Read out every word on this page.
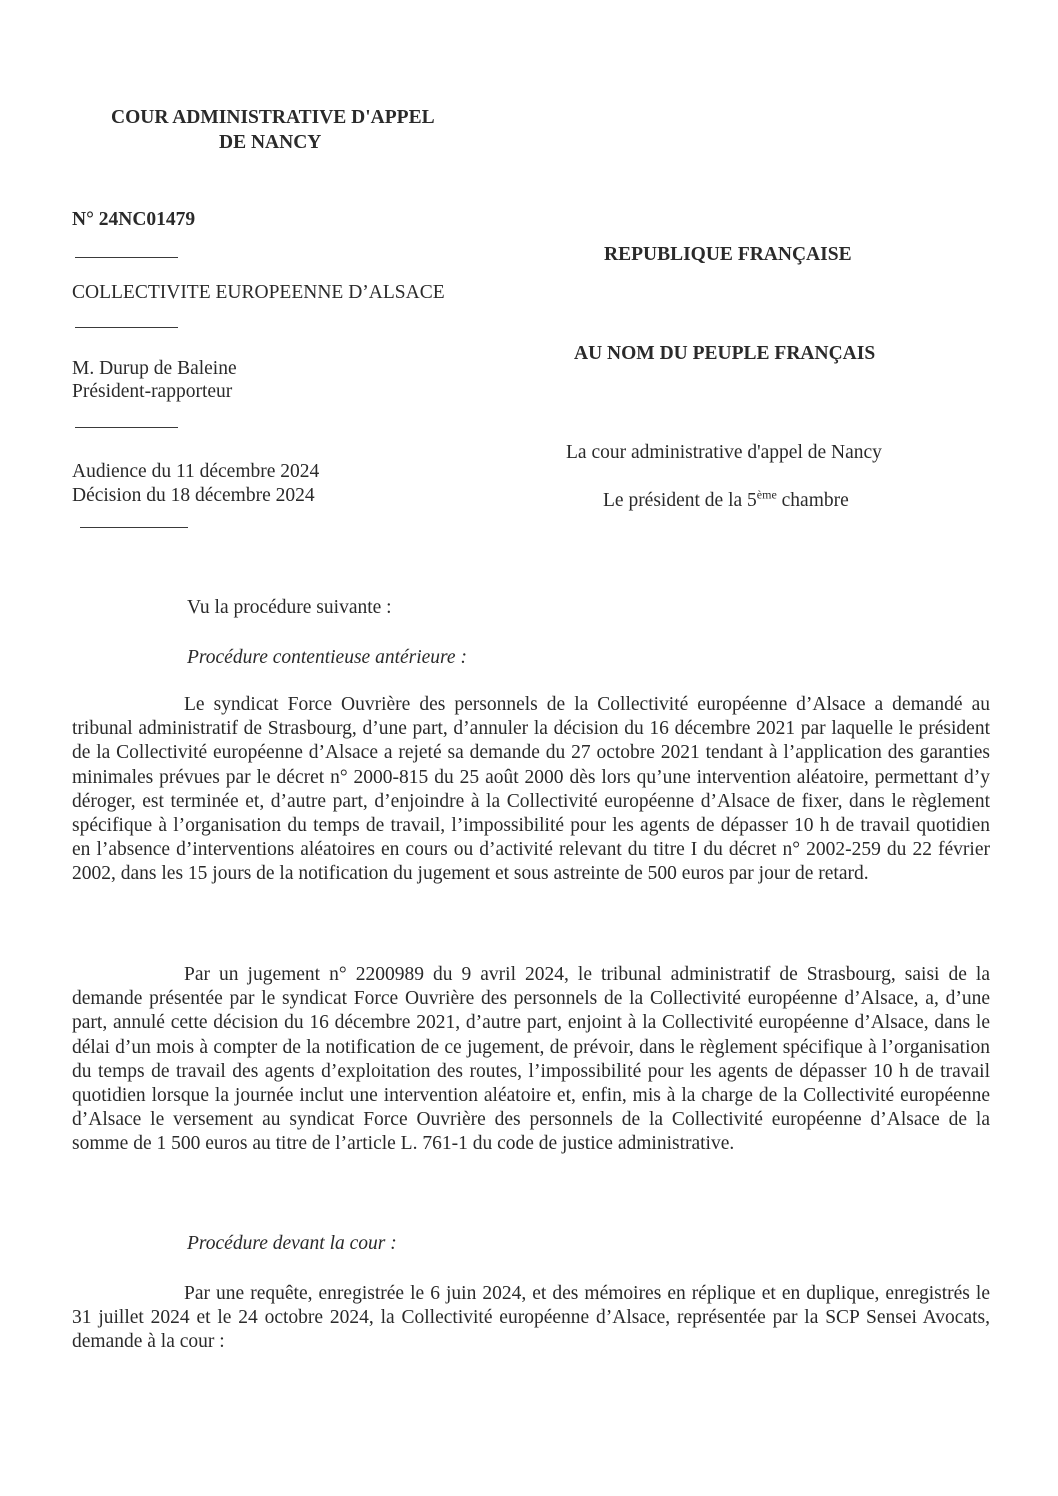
COUR ADMINISTRATIVE D'APPEL
DE NANCY
N° 24NC01479
COLLECTIVITE EUROPEENNE D’ALSACE
M. Durup de Baleine
Président-rapporteur
Audience du 11 décembre 2024
Décision du 18 décembre 2024
REPUBLIQUE FRANÇAISE
AU NOM DU PEUPLE FRANÇAIS
La cour administrative d'appel de Nancy
Le président de la 5ème chambre
Vu la procédure suivante :
Procédure contentieuse antérieure :

Le syndicat Force Ouvrière des personnels de la Collectivité européenne d’Alsace a demandé au tribunal administratif de Strasbourg, d’une part, d’annuler la décision du 16 décembre 2021 par laquelle le président de la Collectivité européenne d’Alsace a rejeté sa demande du 27 octobre 2021 tendant à l’application des garanties minimales prévues par le décret n° 2000-815 du 25 août 2000 dès lors qu’une intervention aléatoire, permettant d’y déroger, est terminée et, d’autre part, d’enjoindre à la Collectivité européenne d’Alsace de fixer, dans le règlement spécifique à l’organisation du temps de travail, l’impossibilité pour les agents de dépasser 10 h de travail quotidien en l’absence d’interventions aléatoires en cours ou d’activité relevant du titre I du décret n° 2002-259 du 22 février 2002, dans les 15 jours de la notification du jugement et sous astreinte de 500 euros par jour de retard.

Par un jugement n° 2200989 du 9 avril 2024, le tribunal administratif de Strasbourg, saisi de la demande présentée par le syndicat Force Ouvrière des personnels de la Collectivité européenne d’Alsace, a, d’une part, annulé cette décision du 16 décembre 2021, d’autre part, enjoint à la Collectivité européenne d’Alsace, dans le délai d’un mois à compter de la notification de ce jugement, de prévoir, dans le règlement spécifique à l’organisation du temps de travail des agents d’exploitation des routes, l’impossibilité pour les agents de dépasser 10 h de travail quotidien lorsque la journée inclut une intervention aléatoire et, enfin, mis à la charge de la Collectivité européenne d’Alsace le versement au syndicat Force Ouvrière des personnels de la Collectivité européenne d’Alsace de la somme de 1 500 euros au titre de l’article L. 761-1 du code de justice administrative.

Procédure devant la cour :

Par une requête, enregistrée le 6 juin 2024, et des mémoires en réplique et en duplique, enregistrés le 31 juillet 2024 et le 24 octobre 2024, la Collectivité européenne d’Alsace, représentée par la SCP Sensei Avocats, demande à la cour :
